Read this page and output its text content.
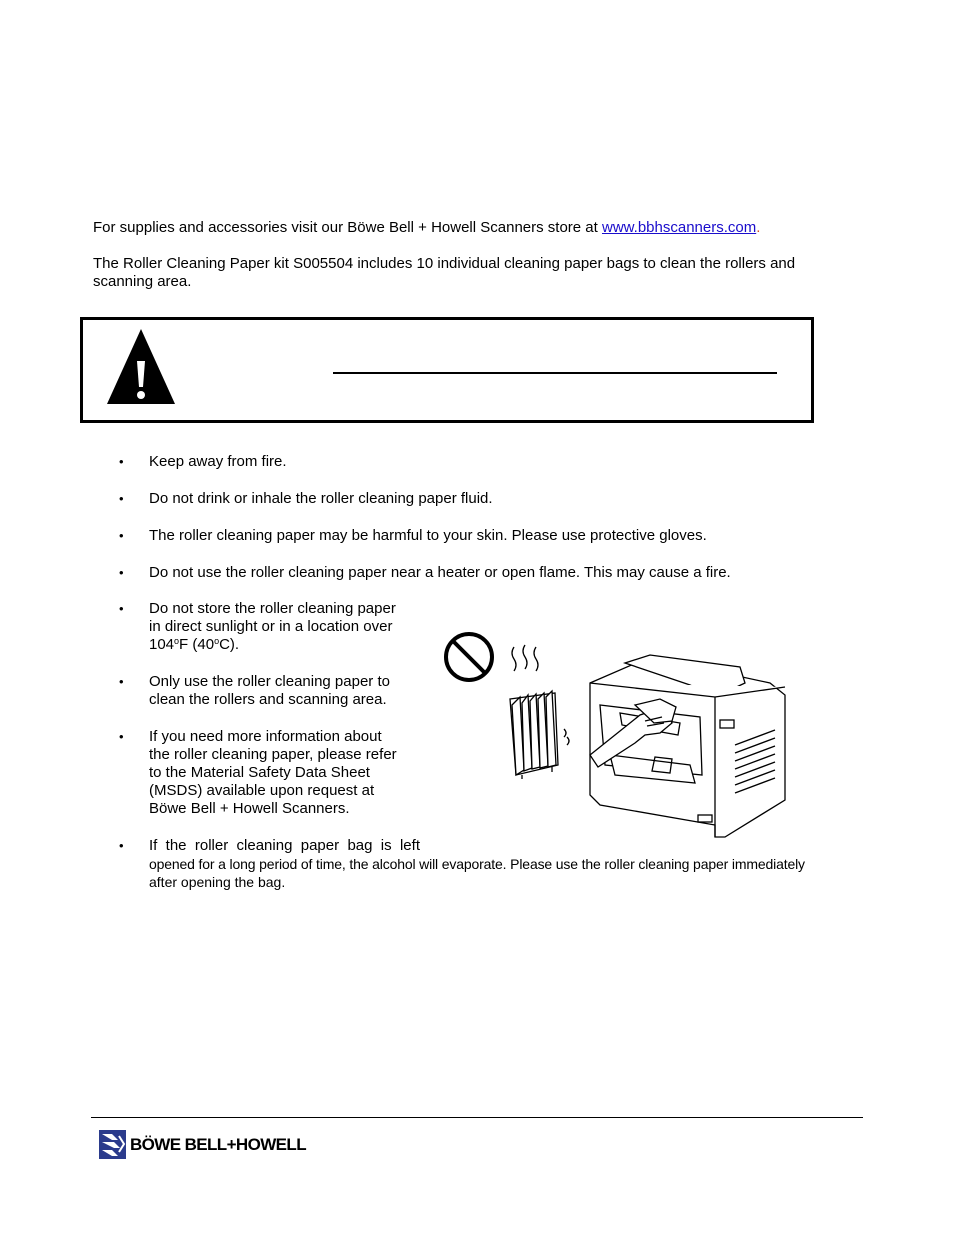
For supplies and accessories visit our Böwe Bell + Howell Scanners store at www.bbhscanners.com.
The Roller Cleaning Paper kit S005504 includes 10 individual cleaning paper bags to clean the rollers and scanning area.
• Keep away from fire.
• Do not drink or inhale the roller cleaning paper fluid.
• The roller cleaning paper may be harmful to your skin. Please use protective gloves.
• Do not use the roller cleaning paper near a heater or open flame. This may cause a fire.
• Do not store the roller cleaning paper
in direct sunlight or in a location over
104$^o$F (40$^o$C).
• Only use the roller cleaning paper to
clean the rollers and scanning area.
• If you need more information about
the roller cleaning paper, please refer
to the Material Safety Data Sheet
(MSDS) available upon request at
Böwe Bell + Howell Scanners.
• If  the  roller  cleaning  paper  bag  is  left
opened for a long period of time, the alcohol will evaporate. Please use the roller cleaning paper immediately
after opening the bag.
BÖWE BELL+HOWELL
